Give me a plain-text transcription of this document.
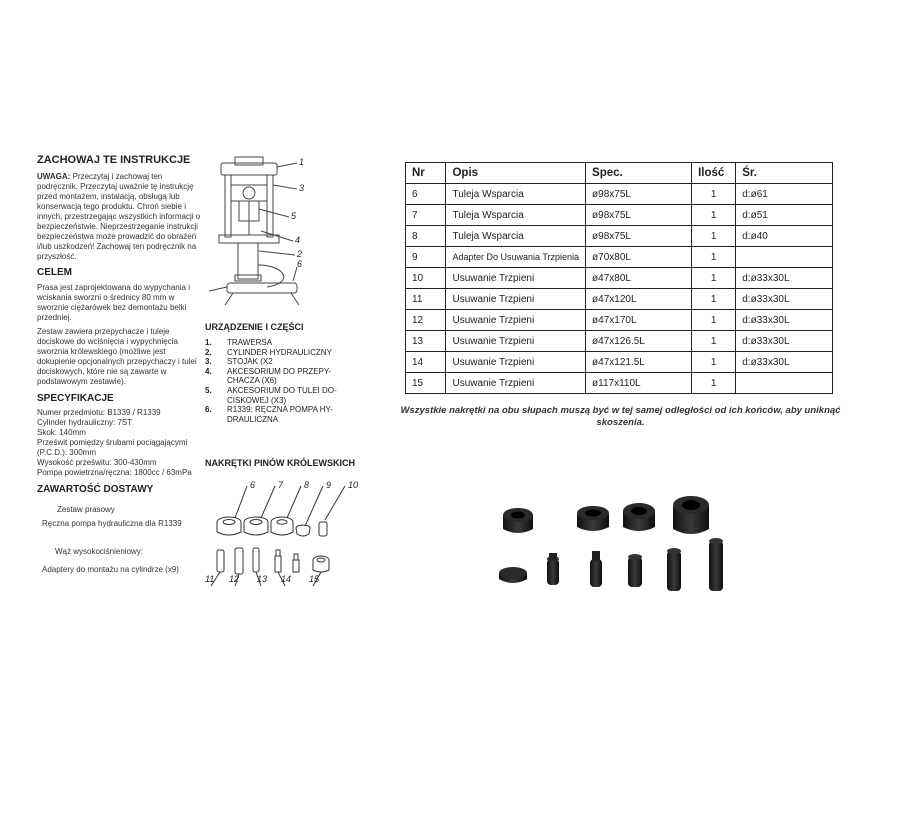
ZACHOWAJ TE INSTRUKCJE
UWAGA: Przeczytaj i zachowaj ten podręcznik. Przeczytaj uważnie tę instrukcję przed montażem, instalacją, obsługą lub konserwacją tego produktu. Chroń siebie i innych, przestrzegając wszystkich informacji o bezpieczeństwie. Nieprzestrzeganie instrukcji bezpieczeństwa może prowadzić do obrażeń i/lub uszkodzeń! Zachowaj ten podręcznik na przyszłość.
CELEM
Prasa jest zaprojektowana do wypychania i wciskania sworzni o średnicy 80 mm w sworznie ciężarówek bez demontażu belki przedniej.
Zestaw zawiera przepychacze i tuleje dociskowe do wciśnięcia i wypychnięcia sworznia królewskiego (możliwe jest dokupienie opcjonalnych przepychaczy i tulei dociskowych, które nie są zawarte w podstawowym zestawie).
SPECYFIKACJE
Numer przedmiotu: B1339 / R1339
Cylinder hydrauliczny: 7ST
Skok: 140mm
Prześwit pomiędzy śrubami pociągającymi
(P.C.D.): 300mm
Wysokość prześwitu: 300-430mm
Pompa powietrzna/ręczna: 1800cc / 63mPa
ZAWARTOŚĆ DOSTAWY
Zestaw prasowy
Ręczna pompa hydrauliczna dla R1339
Wąż wysokociśnieniowy:
Adaptery do montażu na cylindrze (x9)
1
3
5
4
2
6
URZĄDZENIE I CZĘŚCI
1.	TRAWERSA
2.	CYLINDER HYDRAULICZNY
3.	STOJAK (X2
4.	AKCESORIUM DO PRZEPY- CHACZA (X6)
5.	AKCESORIUM DO TULEI DO- CISKOWEJ (X3)
6.	R1339: RĘCZNA POMPA HY- DRAULICZNA
NAKRĘTKI PINÓW KRÓLEWSKICH
6	7 8 9 10
11 12 13 14 15
Nr	Opis	Spec.	Ilość	Śr.
6	Tuleja Wsparcia	ø98x75L	1	d:ø61
7	Tuleja Wsparcia	ø98x75L	1	d:ø51
8	Tuleja Wsparcia	ø98x75L	1	d:ø40
9	Adapter Do Usuwania Trzpienia	ø70x80L	1	
10	Usuwanie Trzpieni	ø47x80L	1	d:ø33x30L
11	Usuwanie Trzpieni	ø47x120L	1	d:ø33x30L
12	Usuwanie Trzpieni	ø47x170L	1	d:ø33x30L
13	Usuwanie Trzpieni	ø47x126.5L	1	d:ø33x30L
14	Usuwanie Trzpieni	ø47x121.5L	1	d:ø33x30L
15	Usuwanie Trzpieni	ø117x110L	1	
Wszystkie nakrętki na obu słupach muszą być w tej samej odległości od ich końców, aby uniknąć skoszenia.
